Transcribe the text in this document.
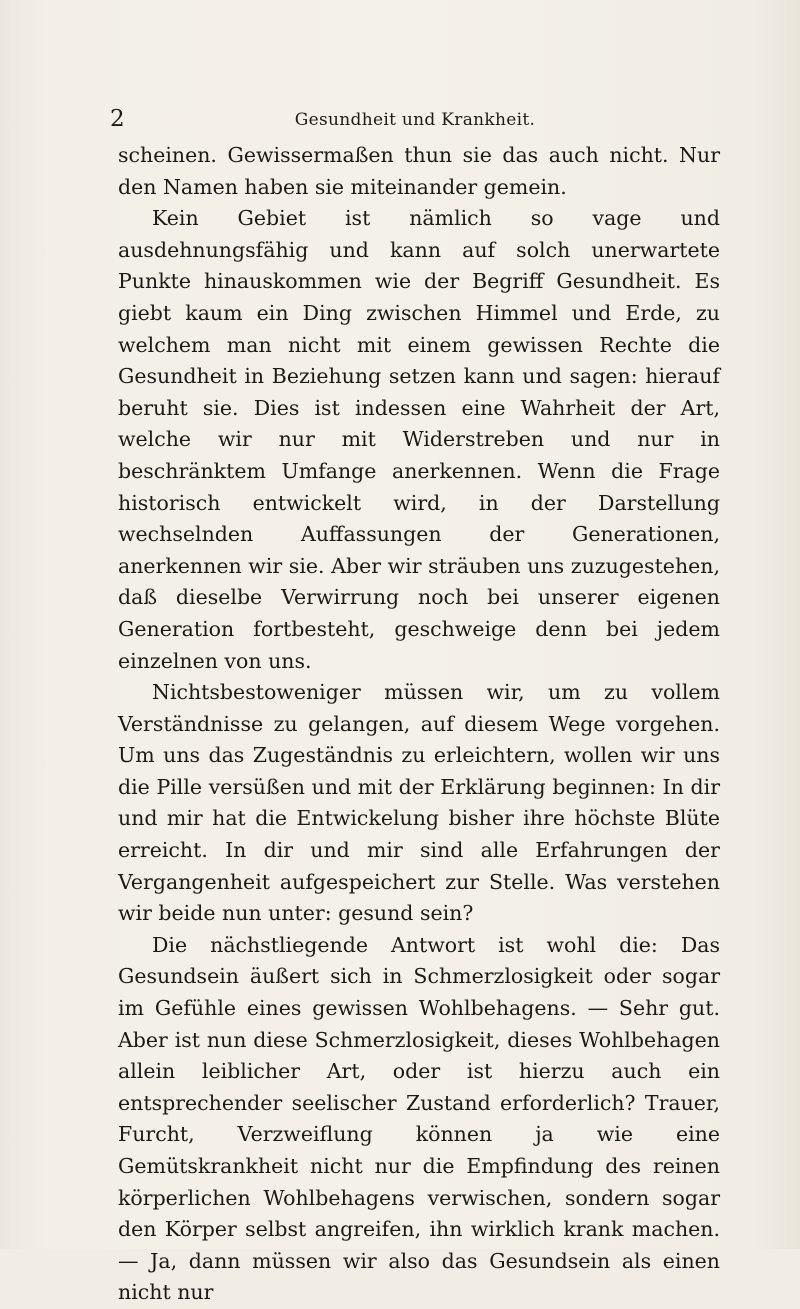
2	Gesundheit und Krankheit.

scheinen. Gewissermaßen thun sie das auch nicht. Nur den Namen haben sie miteinander gemein.

Kein Gebiet ist nämlich so vage und ausdehnungsfähig und kann auf solch unerwartete Punkte hinauskommen wie der Begriff Gesundheit. Es giebt kaum ein Ding zwischen Himmel und Erde, zu welchem man nicht mit einem gewissen Rechte die Gesundheit in Beziehung setzen kann und sagen: hierauf beruht sie. Dies ist indessen eine Wahrheit der Art, welche wir nur mit Widerstreben und nur in beschränktem Umfange anerkennen. Wenn die Frage historisch entwickelt wird, in der Darstellung wechselnden Auffassungen der Generationen, anerkennen wir sie. Aber wir sträuben uns zuzugestehen, daß dieselbe Verwirrung noch bei unserer eigenen Generation fortbesteht, geschweige denn bei jedem einzelnen von uns.

Nichtsbestoweniger müssen wir, um zu vollem Verständnisse zu gelangen, auf diesem Wege vorgehen. Um uns das Zugeständnis zu erleichtern, wollen wir uns die Pille versüßen und mit der Erklärung beginnen: In dir und mir hat die Entwickelung bisher ihre höchste Blüte erreicht. In dir und mir sind alle Erfahrungen der Vergangenheit aufgespeichert zur Stelle. Was verstehen wir beide nun unter: gesund sein?

Die nächstliegende Antwort ist wohl die: Das Gesundsein äußert sich in Schmerzlosigkeit oder sogar im Gefühle eines gewissen Wohlbehagens. — Sehr gut. Aber ist nun diese Schmerzlosigkeit, dieses Wohlbehagen allein leiblicher Art, oder ist hierzu auch ein entsprechender seelischer Zustand erforderlich? Trauer, Furcht, Verzweiflung können ja wie eine Gemütskrankheit nicht nur die Empfindung des reinen körperlichen Wohlbehagens verwischen, sondern sogar den Körper selbst angreifen, ihn wirklich krank machen. — Ja, dann müssen wir also das Gesundsein als einen nicht nur
